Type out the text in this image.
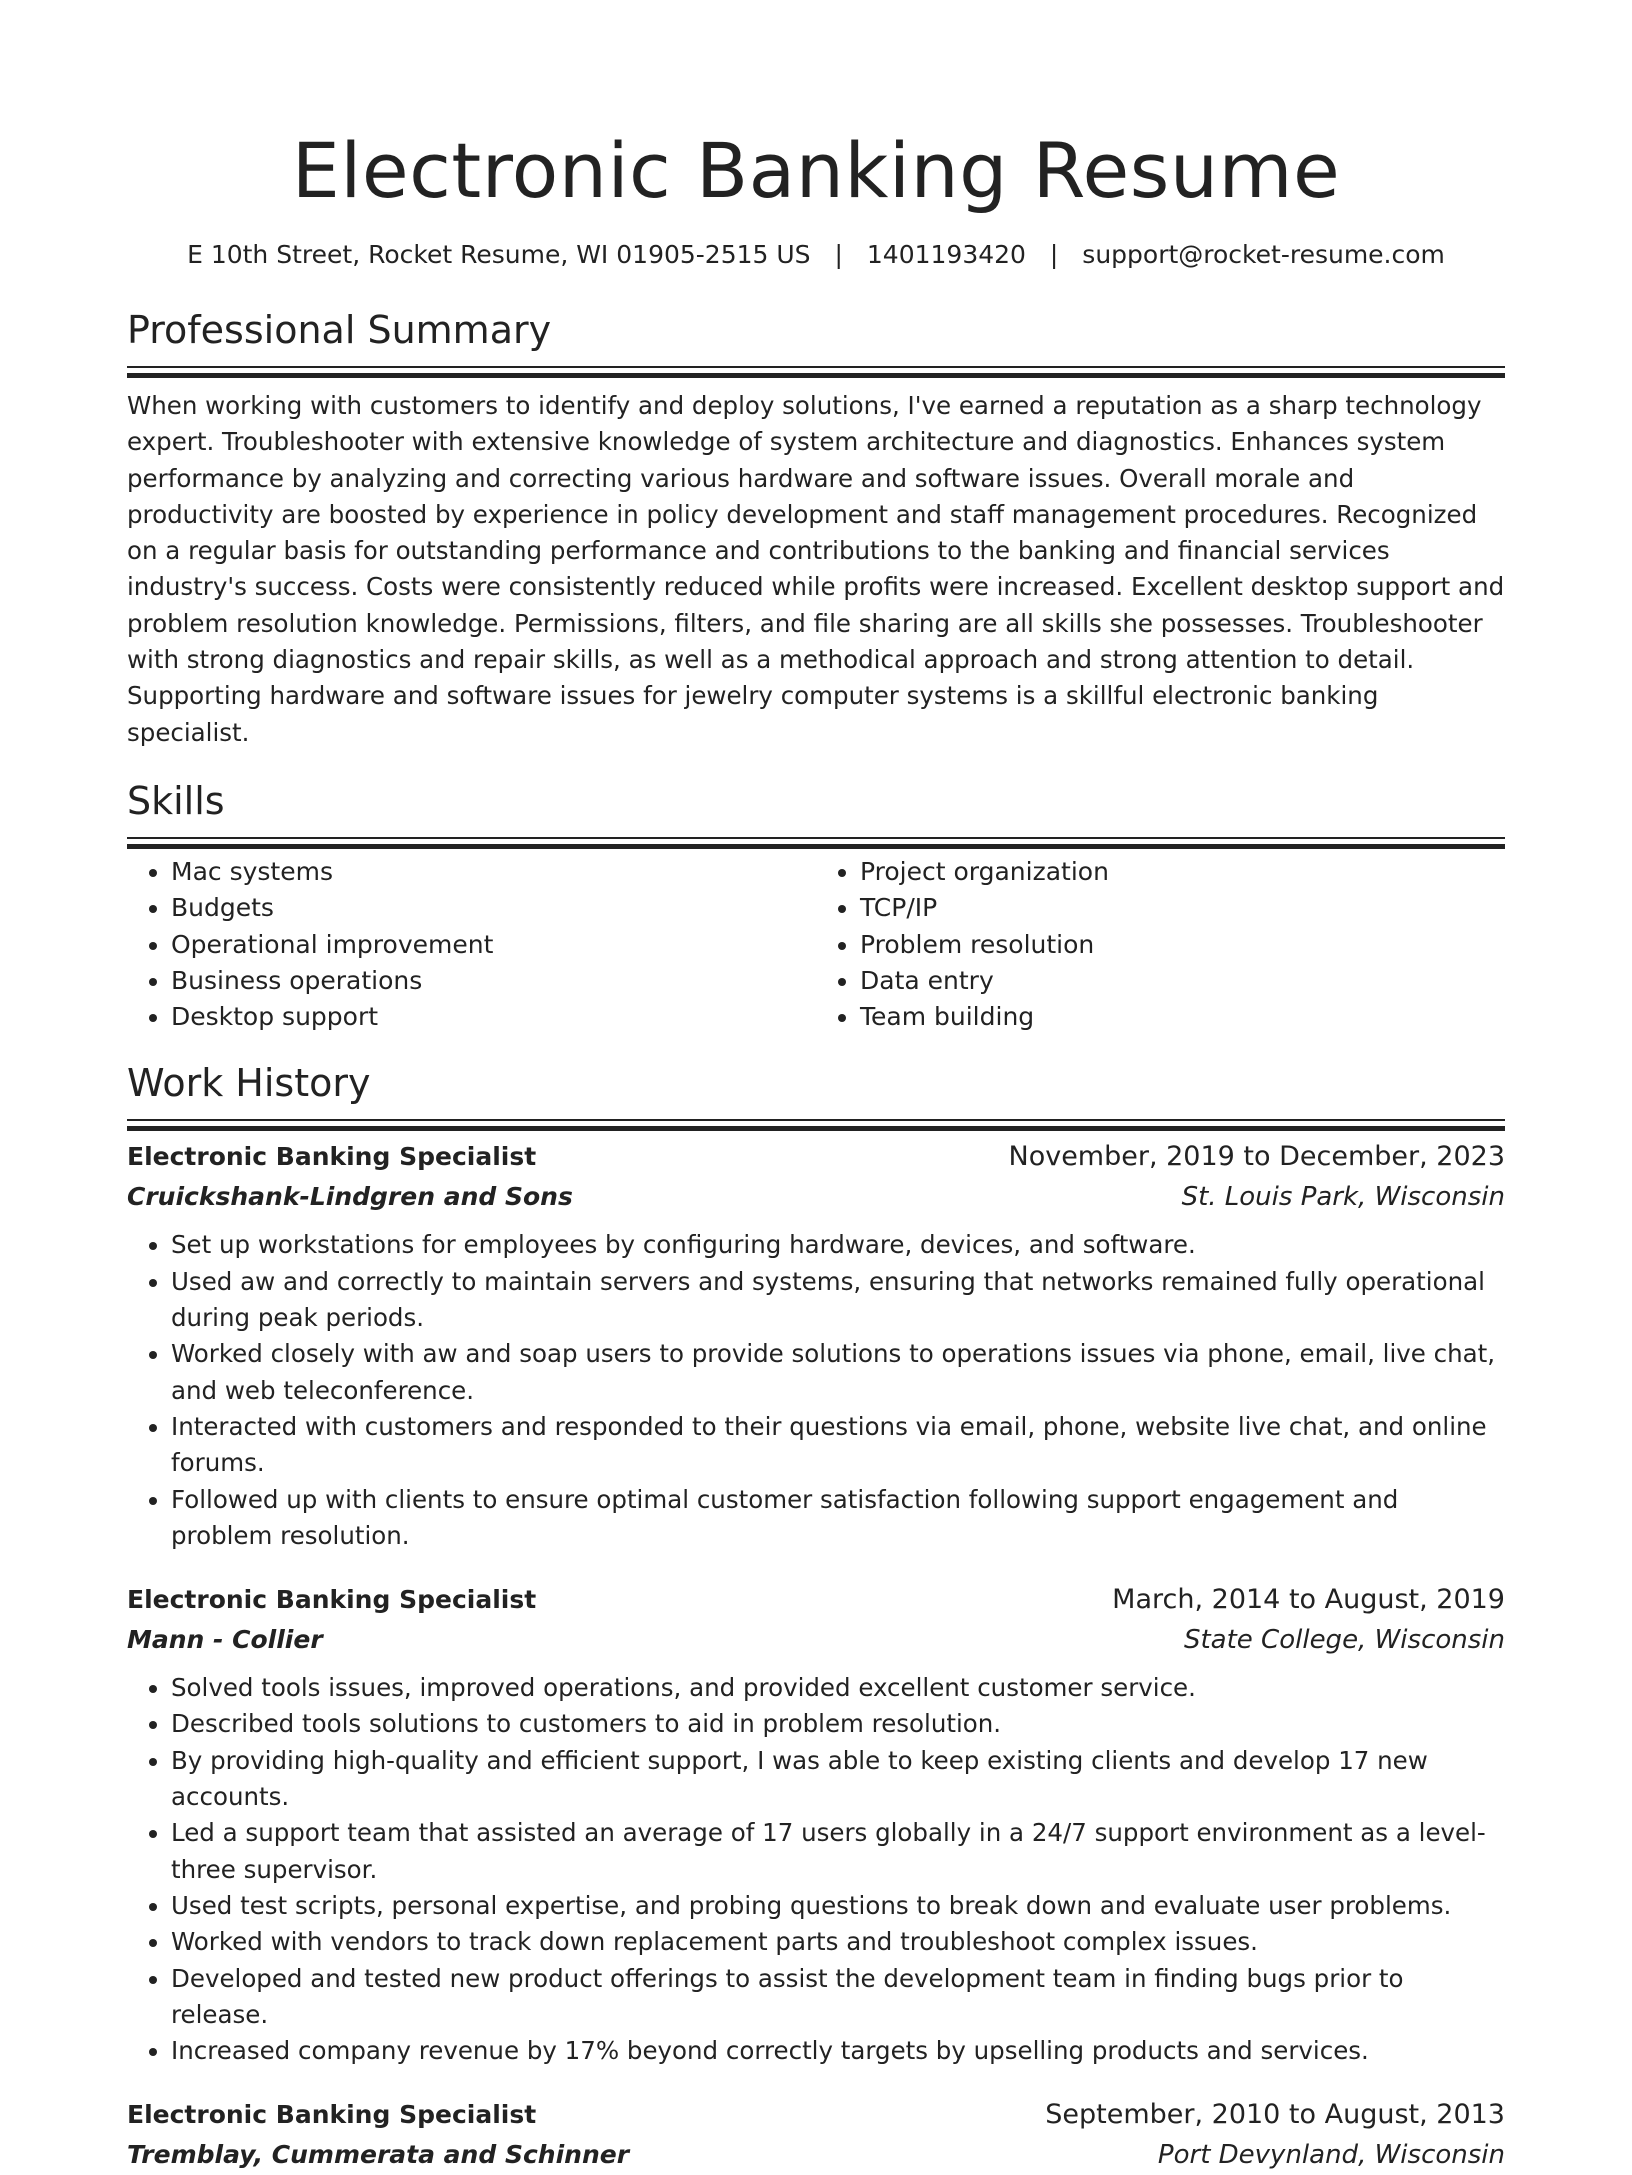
Electronic Banking Resume
E 10th Street, Rocket Resume, WI 01905-2515 US | 1401193420 | support@rocket-resume.com
Professional Summary

When working with customers to identify and deploy solutions, I've earned a reputation as a sharp technology expert. Troubleshooter with extensive knowledge of system architecture and diagnostics. Enhances system performance by analyzing and correcting various hardware and software issues. Overall morale and productivity are boosted by experience in policy development and staff management procedures. Recognized on a regular basis for outstanding performance and contributions to the banking and financial services industry's success. Costs were consistently reduced while profits were increased. Excellent desktop support and problem resolution knowledge. Permissions, filters, and file sharing are all skills she possesses. Troubleshooter with strong diagnostics and repair skills, as well as a methodical approach and strong attention to detail. Supporting hardware and software issues for jewelry computer systems is a skillful electronic banking specialist.

Skills
• Mac systems
• Budgets
• Operational improvement
• Business operations
• Desktop support
• Project organization
• TCP/IP
• Problem resolution
• Data entry
• Team building
Work History
Electronic Banking Specialist	November, 2019 to December, 2023
Cruickshank-Lindgren and Sons	St. Louis Park, Wisconsin
• Set up workstations for employees by configuring hardware, devices, and software.
• Used aw and correctly to maintain servers and systems, ensuring that networks remained fully operational during peak periods.
• Worked closely with aw and soap users to provide solutions to operations issues via phone, email, live chat, and web teleconference.
• Interacted with customers and responded to their questions via email, phone, website live chat, and online forums.
• Followed up with clients to ensure optimal customer satisfaction following support engagement and problem resolution.
Electronic Banking Specialist	March, 2014 to August, 2019
Mann - Collier	State College, Wisconsin
• Solved tools issues, improved operations, and provided excellent customer service.
• Described tools solutions to customers to aid in problem resolution.
• By providing high-quality and efficient support, I was able to keep existing clients and develop 17 new accounts.
• Led a support team that assisted an average of 17 users globally in a 24/7 support environment as a level-three supervisor.
• Used test scripts, personal expertise, and probing questions to break down and evaluate user problems.
• Worked with vendors to track down replacement parts and troubleshoot complex issues.
• Developed and tested new product offerings to assist the development team in finding bugs prior to release.
• Increased company revenue by 17% beyond correctly targets by upselling products and services.
Electronic Banking Specialist	September, 2010 to August, 2013
Tremblay, Cummerata and Schinner	Port Devynland, Wisconsin
